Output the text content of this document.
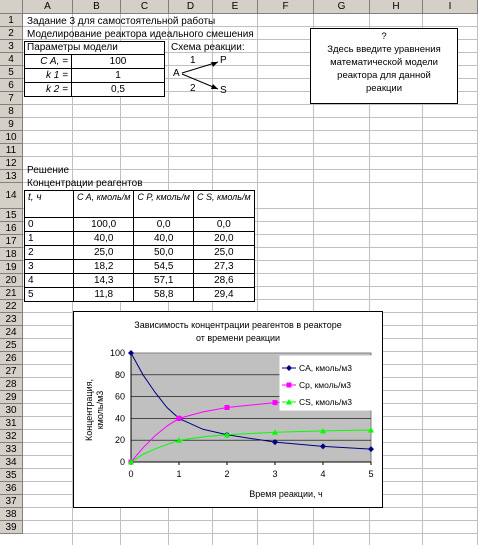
A	B	C	D	E	F	G	H	I
1
2
3
4
5
6
7
8
9
10
11
12
13
14
15
16
17
18
19
20
21
22
23
24
25
26
27
28
29
30
31
32
33
34
35
36
37
38
39
Задание 3 для самостоятельной работы
Моделирование реактора идеального смешения
Параметры модели	Схема реакции:
C A, =	100
k 1 =	1
k 2 =	0,5
1 P
A
2 S
?
Здесь введите уравнения
математической модели
реактора для данной
реакции
Решение
Концентрации реагентов
t, ч	C A, кмоль/м	C P, кмоль/м	C S, кмоль/м
0	100,0	0,0	0,0
1	40,0	40,0	20,0
2	25,0	50,0	25,0
3	18,2	54,5	27,3
4	14,3	57,1	28,6
5	11,8	58,8	29,4
Зависимость концентрации реагентов в реакторе
от времени реакции
0
20
40
60
80
100
0	1	2	3	4	5
Время реакции, ч
Концентрация, кмоль/м3
CA, кмоль/м3
Cp, кмоль/м3
CS, кмоль/м3
